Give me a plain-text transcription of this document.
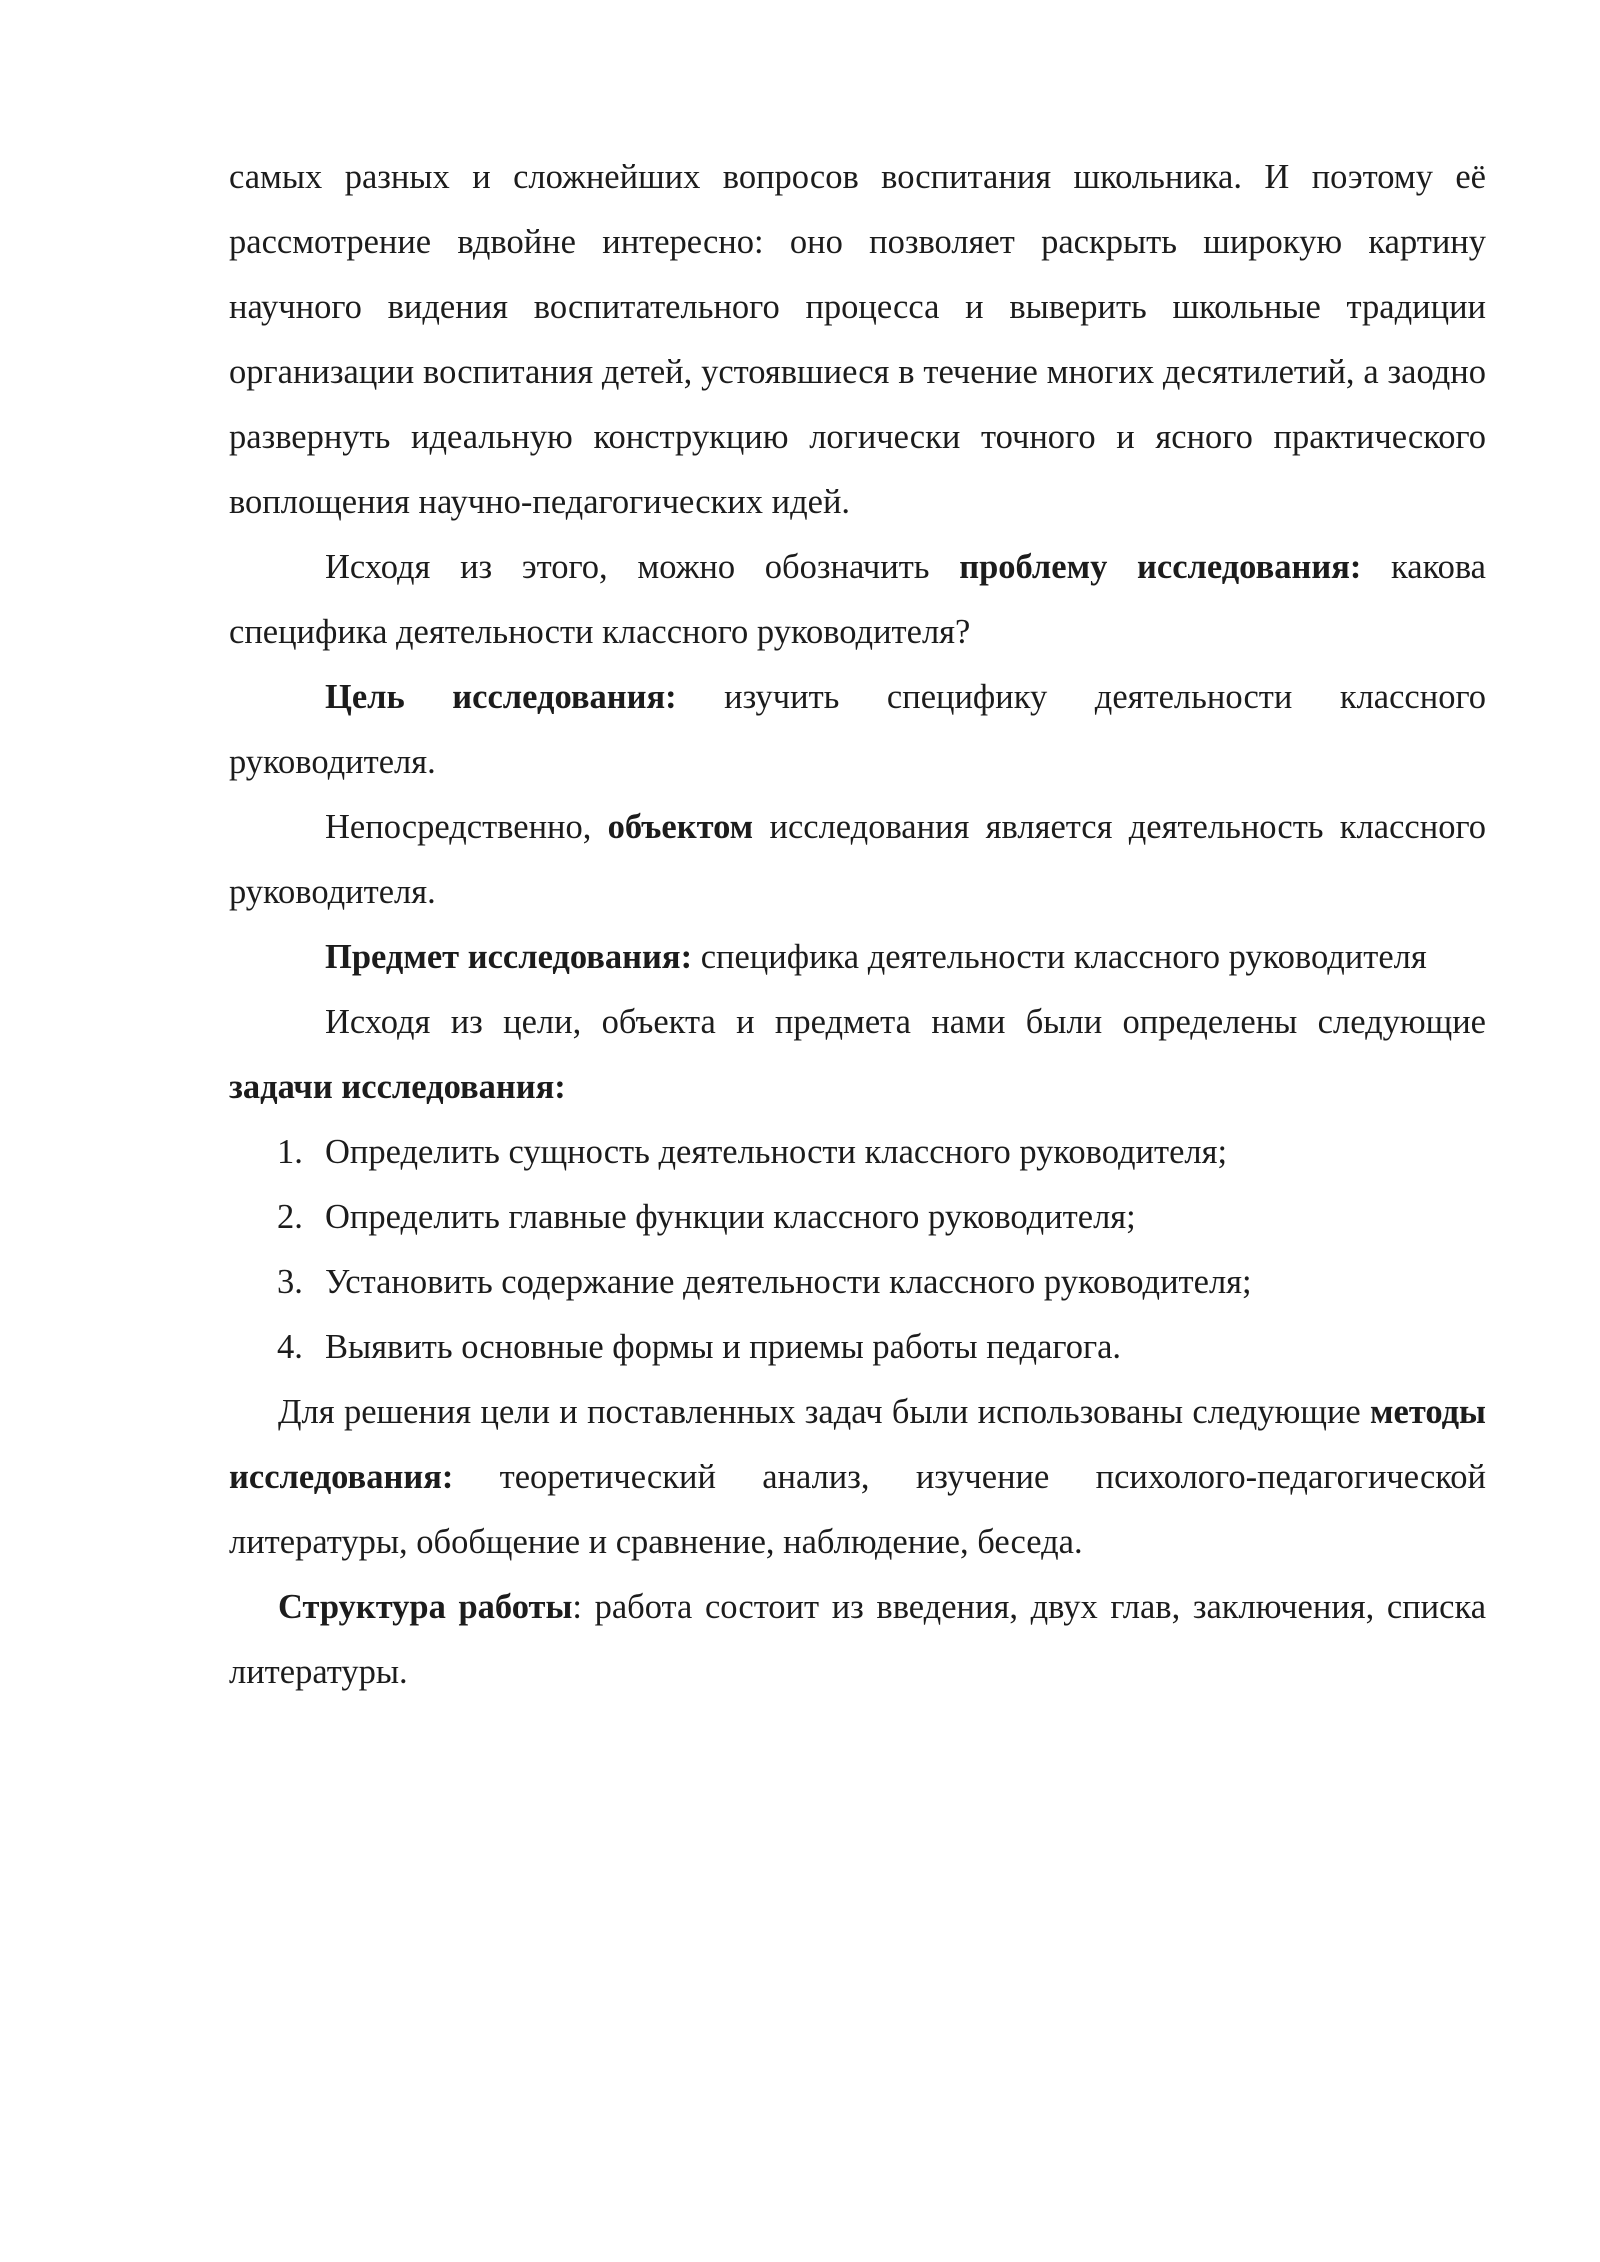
самых разных и сложнейших вопросов воспитания школьника. И поэтому её рассмотрение вдвойне интересно: оно позволяет раскрыть широкую картину научного видения воспитательного процесса и выверить школьные традиции организации воспитания детей, устоявшиеся в течение многих десятилетий, а заодно развернуть идеальную конструкцию логически точного и ясного практического воплощения научно-педагогических идей.

Исходя из этого, можно обозначить проблему исследования: какова специфика деятельности классного руководителя?

Цель исследования: изучить специфику деятельности классного руководителя.

Непосредственно, объектом исследования является деятельность классного руководителя.

Предмет исследования: специфика деятельности классного руководителя

Исходя из цели, объекта и предмета нами были определены следующие задачи исследования:

1. Определить сущность деятельности классного руководителя;
2. Определить главные функции классного руководителя;
3. Установить содержание деятельности классного руководителя;
4. Выявить основные формы и приемы работы педагога.

Для решения цели и поставленных задач были использованы следующие методы исследования: теоретический анализ, изучение психолого-педагогической литературы, обобщение и сравнение, наблюдение, беседа.

Структура работы: работа состоит из введения, двух глав, заключения, списка литературы.
